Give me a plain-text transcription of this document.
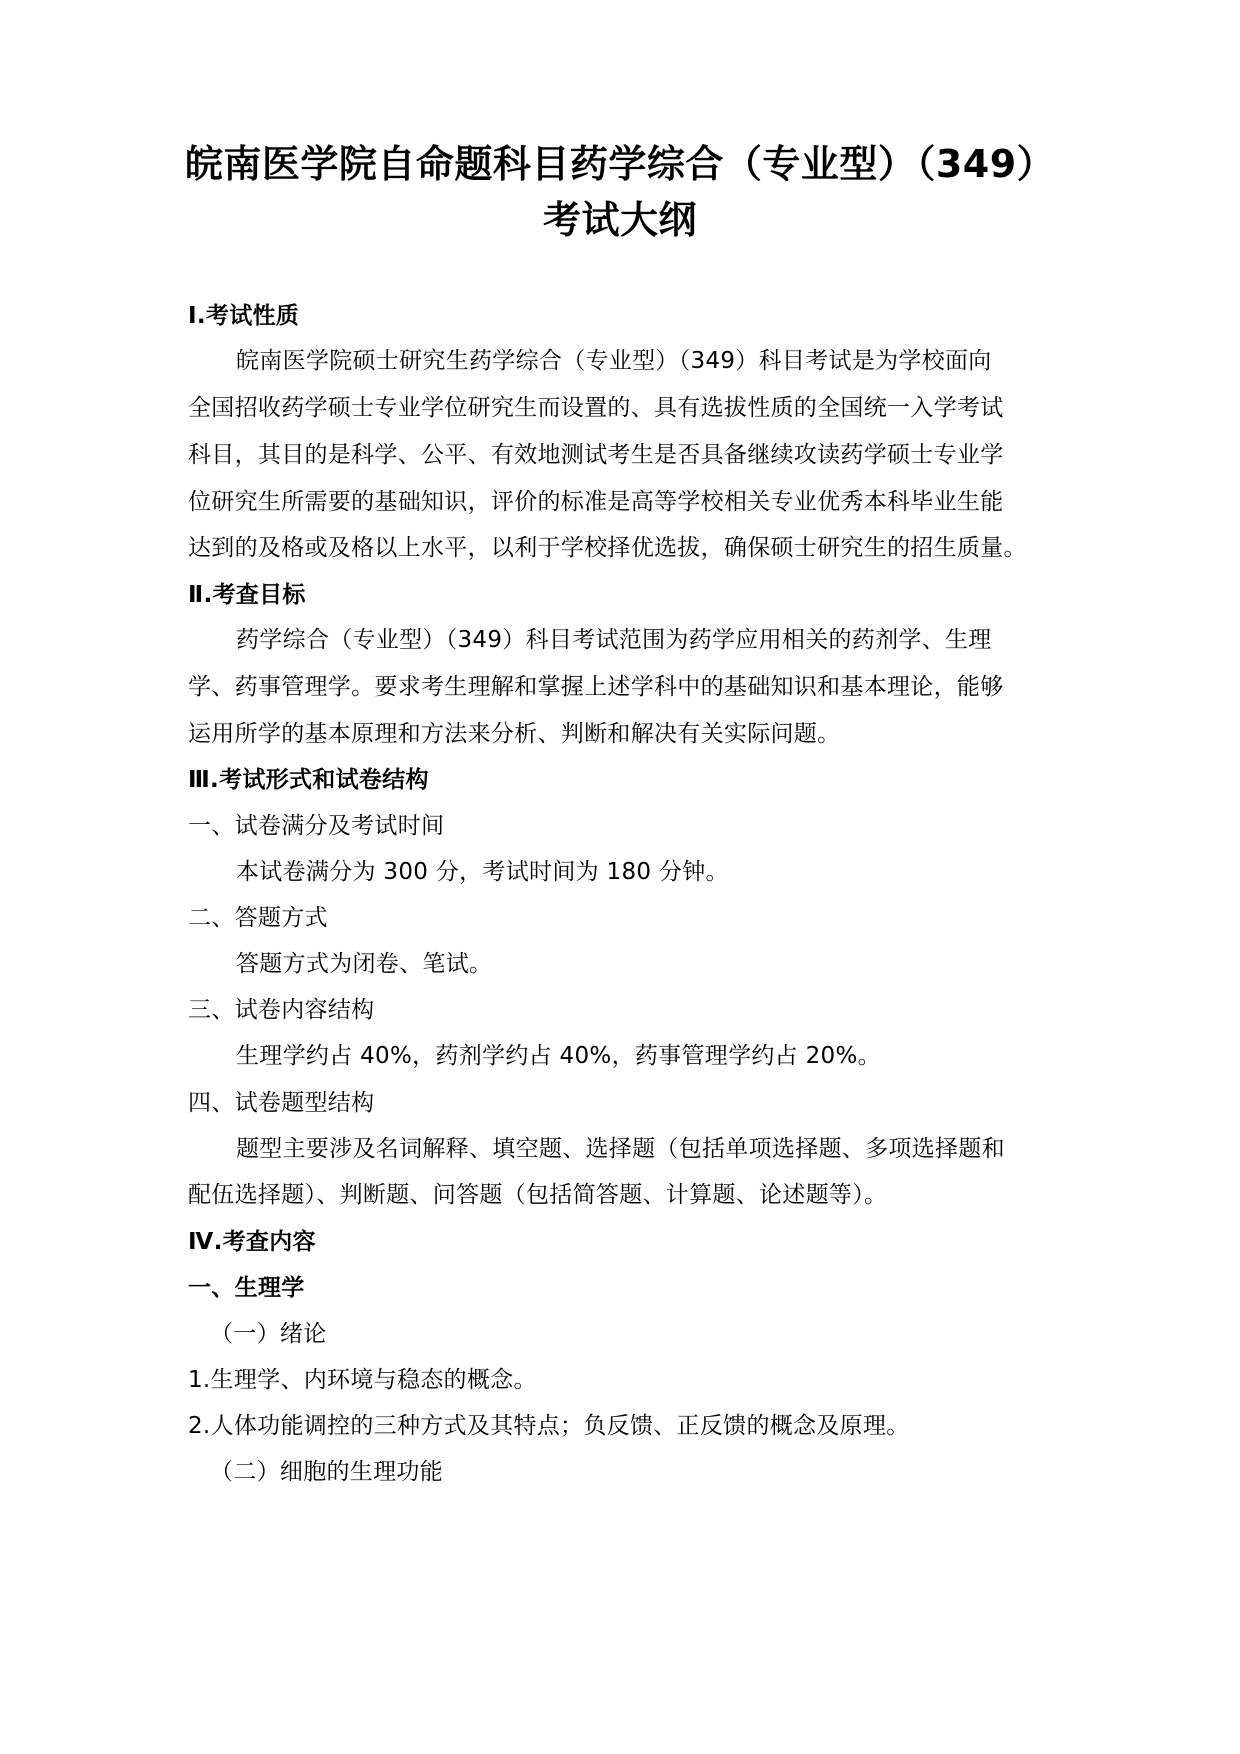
皖南医学院自命题科目药学综合（专业型）（349）
考试大纲
Ⅰ.考试性质
皖南医学院硕士研究生药学综合（专业型）（349）科目考试是为学校面向
全国招收药学硕士专业学位研究生而设置的、具有选拔性质的全国统一入学考试
科目，其目的是科学、公平、有效地测试考生是否具备继续攻读药学硕士专业学
位研究生所需要的基础知识，评价的标准是高等学校相关专业优秀本科毕业生能
达到的及格或及格以上水平，以利于学校择优选拔，确保硕士研究生的招生质量。
Ⅱ.考查目标
药学综合（专业型）（349）科目考试范围为药学应用相关的药剂学、生理
学、药事管理学。要求考生理解和掌握上述学科中的基础知识和基本理论，能够
运用所学的基本原理和方法来分析、判断和解决有关实际问题。
Ⅲ.考试形式和试卷结构
一、试卷满分及考试时间
本试卷满分为 300 分，考试时间为 180 分钟。
二、答题方式
答题方式为闭卷、笔试。
三、试卷内容结构
生理学约占 40%，药剂学约占 40%，药事管理学约占 20%。
四、试卷题型结构
题型主要涉及名词解释、填空题、选择题（包括单项选择题、多项选择题和
配伍选择题）、判断题、问答题（包括简答题、计算题、论述题等）。
Ⅳ.考查内容
一、生理学
（一）绪论
1.生理学、内环境与稳态的概念。
2.人体功能调控的三种方式及其特点；负反馈、正反馈的概念及原理。
（二）细胞的生理功能
